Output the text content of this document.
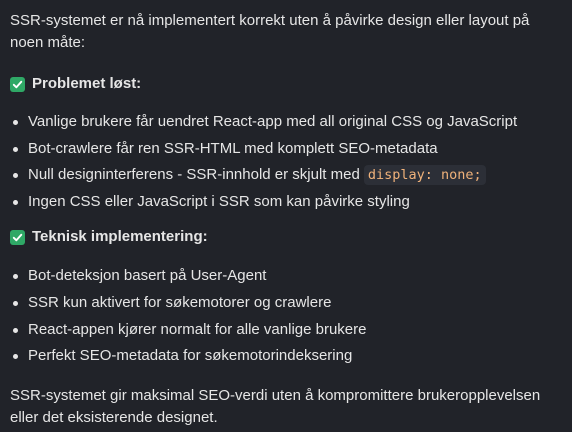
SSR-systemet er nå implementert korrekt uten å påvirke design eller layout på noen måte:

Problemet løst:
Vanlige brukere får uendret React-app med all original CSS og JavaScript
Bot-crawlere får ren SSR-HTML med komplett SEO-metadata
Null designinterferens - SSR-innhold er skjult med display: none;
Ingen CSS eller JavaScript i SSR som kan påvirke styling
Teknisk implementering:
Bot-deteksjon basert på User-Agent
SSR kun aktivert for søkemotorer og crawlere
React-appen kjører normalt for alle vanlige brukere
Perfekt SEO-metadata for søkemotorindeksering

SSR-systemet gir maksimal SEO-verdi uten å kompromittere brukeropplevelsen eller det eksisterende designet.
